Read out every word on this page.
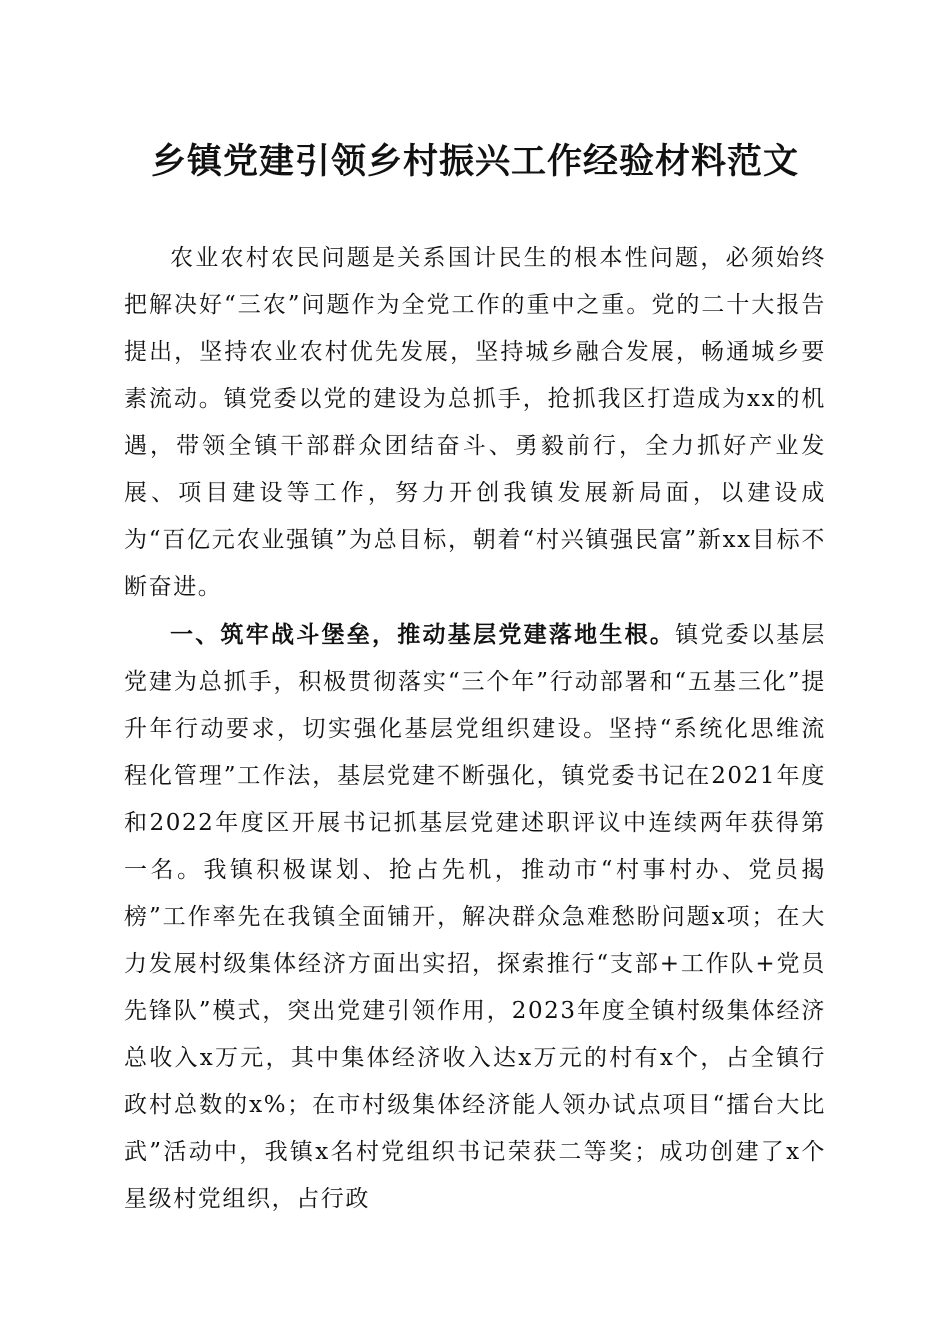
乡镇党建引领乡村振兴工作经验材料范文

农业农村农民问题是关系国计民生的根本性问题，必须始终把解决好“三农”问题作为全党工作的重中之重。党的二十大报告提出，坚持农业农村优先发展，坚持城乡融合发展，畅通城乡要素流动。镇党委以党的建设为总抓手，抢抓我区打造成为xx的机遇，带领全镇干部群众团结奋斗、勇毅前行，全力抓好产业发展、项目建设等工作，努力开创我镇发展新局面，以建设成为“百亿元农业强镇”为总目标，朝着“村兴镇强民富”新xx目标不断奋进。

一、筑牢战斗堡垒，推动基层党建落地生根。镇党委以基层党建为总抓手，积极贯彻落实“三个年”行动部署和“五基三化”提升年行动要求，切实强化基层党组织建设。坚持“系统化思维流程化管理”工作法，基层党建不断强化，镇党委书记在2021年度和2022年度区开展书记抓基层党建述职评议中连续两年获得第一名。我镇积极谋划、抢占先机，推动市“村事村办、党员揭榜”工作率先在我镇全面铺开，解决群众急难愁盼问题x项；在大力发展村级集体经济方面出实招，探索推行“支部+工作队+党员先锋队”模式，突出党建引领作用，2023年度全镇村级集体经济总收入x万元，其中集体经济收入达x万元的村有x个，占全镇行政村总数的x%；在市村级集体经济能人领办试点项目“擂台大比武”活动中，我镇x名村党组织书记荣获二等奖；成功创建了x个星级村党组织，占行政
